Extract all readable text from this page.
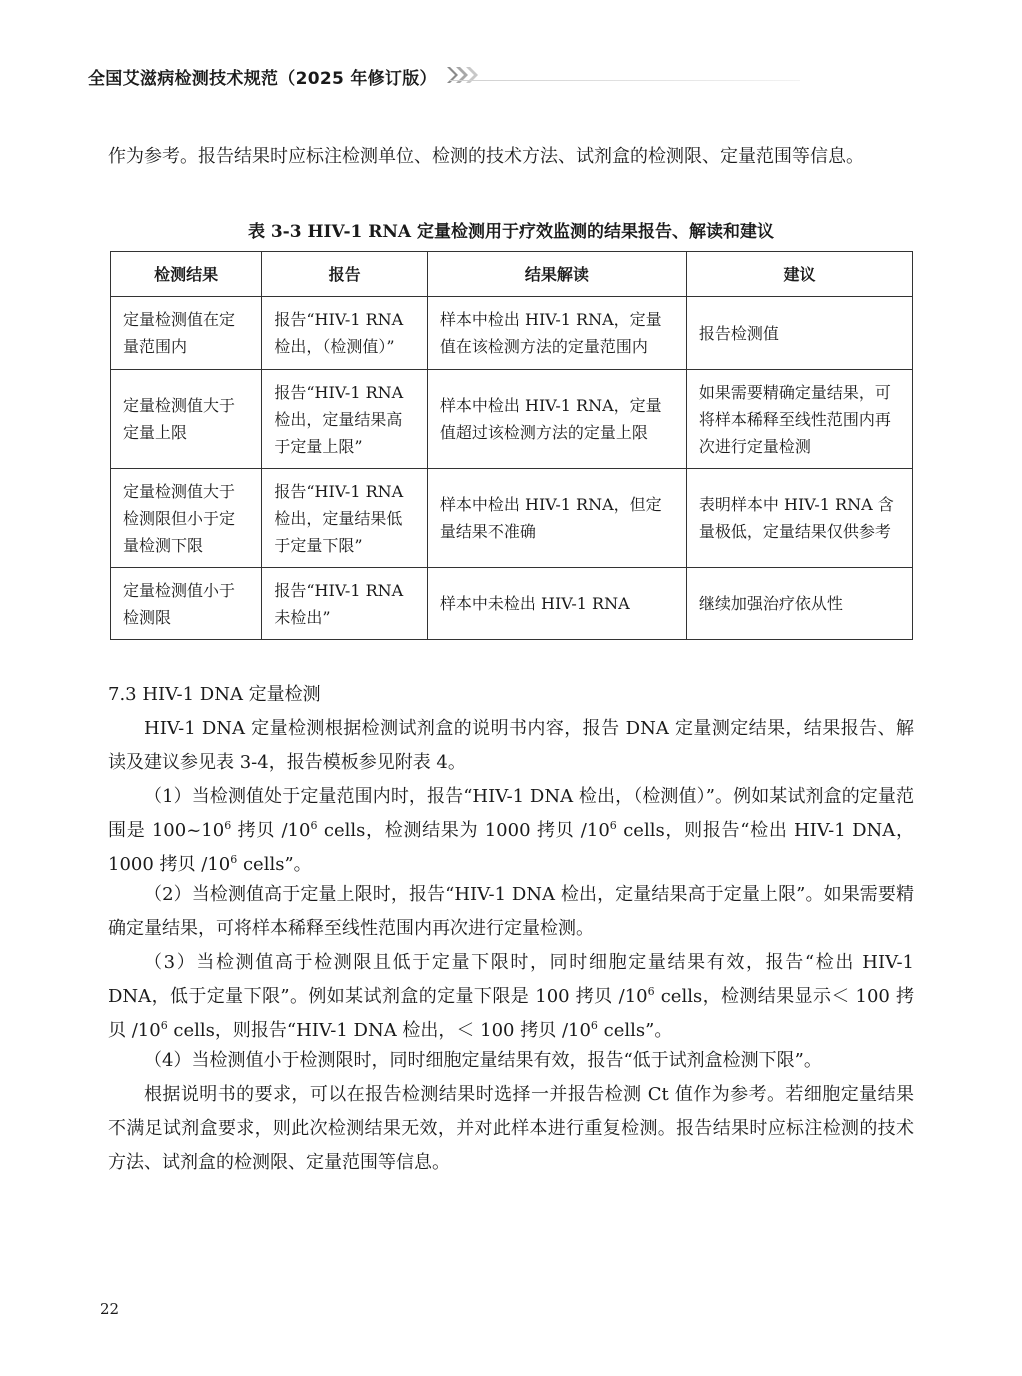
全国艾滋病检测技术规范（2025 年修订版）

作为参考。报告结果时应标注检测单位、检测的技术方法、试剂盒的检测限、定量范围等信息。

表 3-3 HIV-1 RNA 定量检测用于疗效监测的结果报告、解读和建议
检测结果	报告	结果解读	建议
定量检测值在定量范围内	报告“HIV-1 RNA 检出，（检测值）”	样本中检出 HIV-1 RNA，定量值在该检测方法的定量范围内	报告检测值
定量检测值大于定量上限	报告“HIV-1 RNA 检出，定量结果高于定量上限”	样本中检出 HIV-1 RNA，定量值超过该检测方法的定量上限	如果需要精确定量结果，可将样本稀释至线性范围内再次进行定量检测
定量检测值大于检测限但小于定量检测下限	报告“HIV-1 RNA 检出，定量结果低于定量下限”	样本中检出 HIV-1 RNA，但定量结果不准确	表明样本中 HIV-1 RNA 含量极低，定量结果仅供参考
定量检测值小于检测限	报告“HIV-1 RNA 未检出”	样本中未检出 HIV-1 RNA	继续加强治疗依从性
7.3 HIV-1 DNA 定量检测

HIV-1 DNA 定量检测根据检测试剂盒的说明书内容，报告 DNA 定量测定结果，结果报告、解读及建议参见表 3-4，报告模板参见附表 4。

（1）当检测值处于定量范围内时，报告“HIV-1 DNA 检出，（检测值）”。例如某试剂盒的定量范围是 $100\sim 10^6$ 拷贝 $/10^6$ cells，检测结果为 1000 拷贝 $/10^6$ cells，则报告“检出 HIV-1 DNA，1000 拷贝 $/10^6$ cells”。

（2）当检测值高于定量上限时，报告“HIV-1 DNA 检出，定量结果高于定量上限”。如果需要精确定量结果，可将样本稀释至线性范围内再次进行定量检测。

（3）当检测值高于检测限且低于定量下限时，同时细胞定量结果有效，报告“检出 HIV-1 DNA，低于定量下限”。例如某试剂盒的定量下限是 100 拷贝 $/10^6$ cells，检测结果显示＜ 100 拷贝 $/10^6$ cells，则报告“HIV-1 DNA 检出，＜ 100 拷贝 $/10^6$ cells”。

（4）当检测值小于检测限时，同时细胞定量结果有效，报告“低于试剂盒检测下限”。

根据说明书的要求，可以在报告检测结果时选择一并报告检测 Ct 值作为参考。若细胞定量结果不满足试剂盒要求，则此次检测结果无效，并对此样本进行重复检测。报告结果时应标注检测的技术方法、试剂盒的检测限、定量范围等信息。

22
